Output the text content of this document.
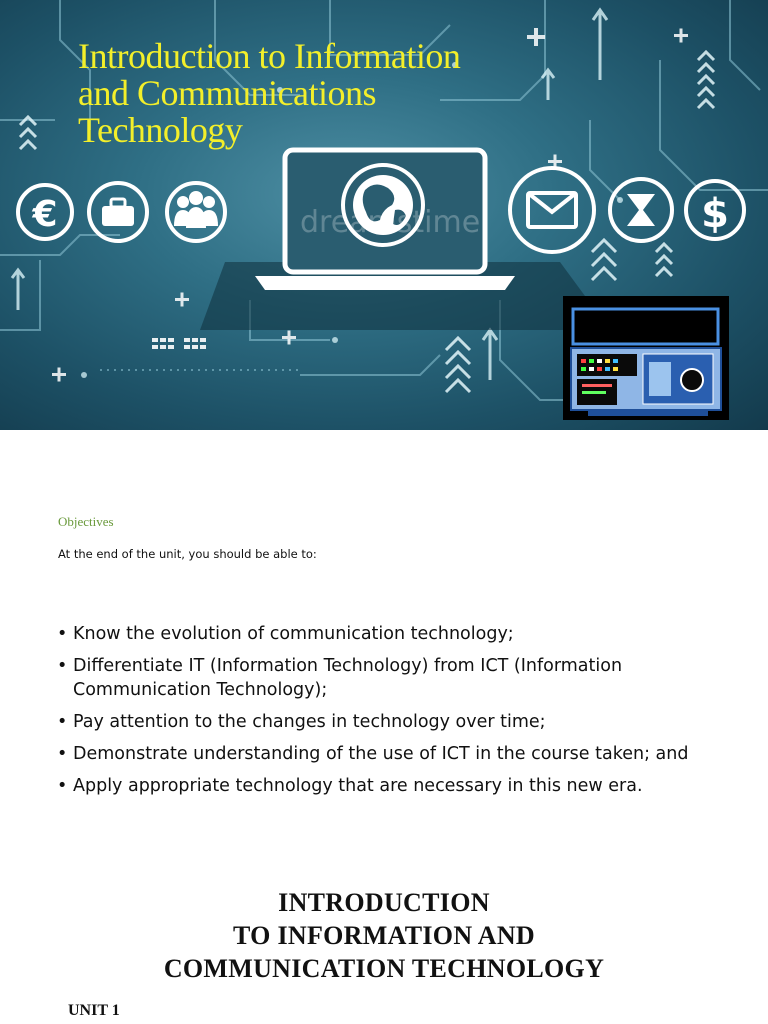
dreamstime
€	$
Introduction to Information
and Communications
Technology
Objectives
At the end of the unit, you should be able to:
• Know the evolution of communication technology;
• Differentiate IT (Information Technology) from ICT (Information Communication Technology);
• Pay attention to the changes in technology over time;
• Demonstrate understanding of the use of ICT in the course taken; and
• Apply appropriate technology that are necessary in this new era.
INTRODUCTION
TO INFORMATION AND
COMMUNICATION TECHNOLOGY
UNIT 1
